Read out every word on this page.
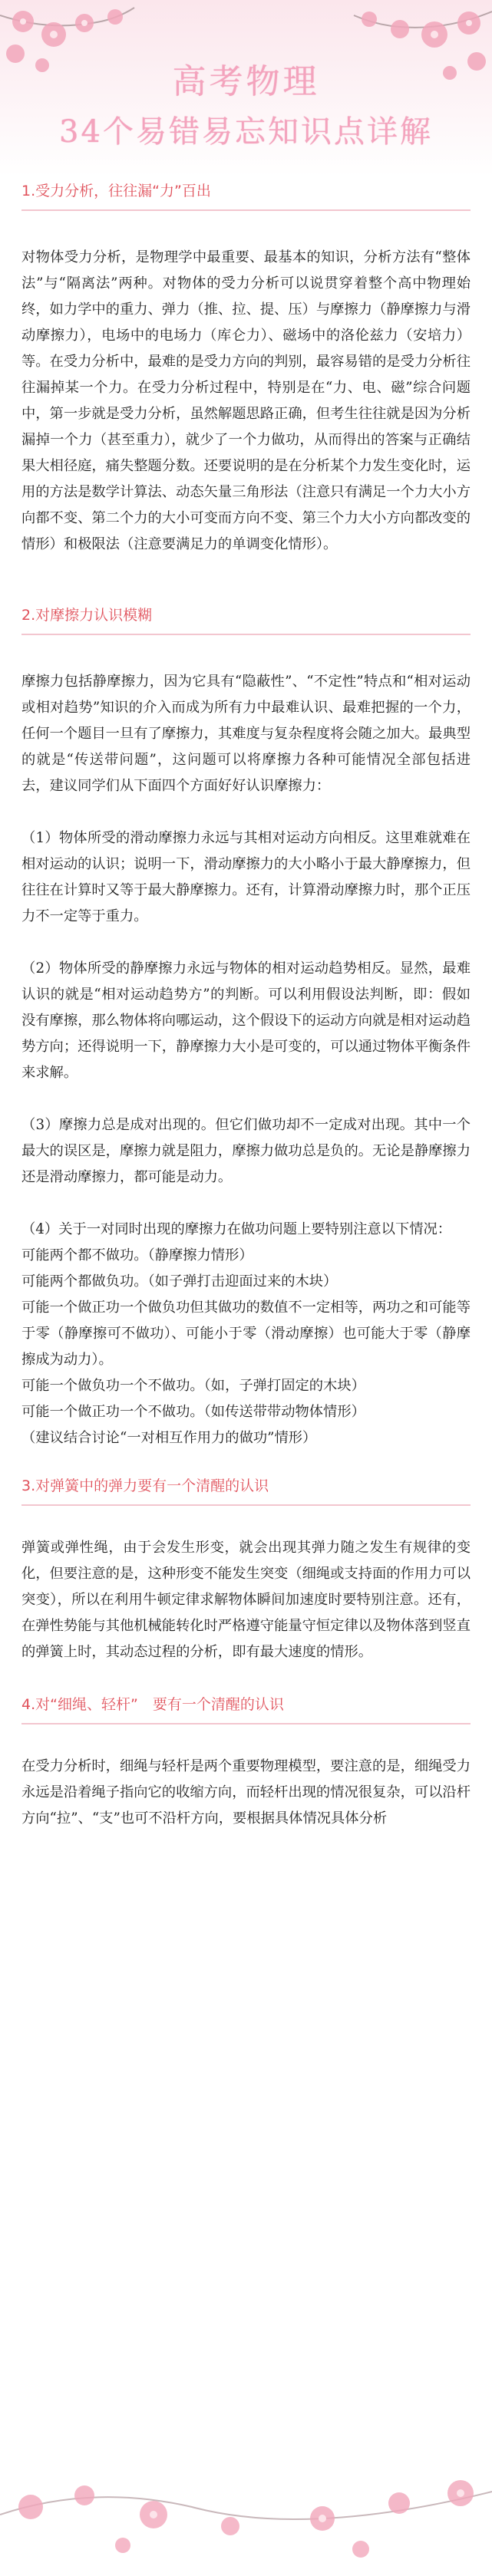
高考物理
34个易错易忘知识点详解
1.受力分析，往往漏“力”百出

对物体受力分析，是物理学中最重要、最基本的知识，分析方法有“整体法”与“隔离法”两种。对物体的受力分析可以说贯穿着整个高中物理始终，如力学中的重力、弹力（推、拉、提、压）与摩擦力（静摩擦力与滑动摩擦力），电场中的电场力（库仑力）、磁场中的洛伦兹力（安培力）等。在受力分析中，最难的是受力方向的判别，最容易错的是受力分析往往漏掉某一个力。在受力分析过程中，特别是在“力、电、磁”综合问题中，第一步就是受力分析，虽然解题思路正确，但考生往往就是因为分析漏掉一个力（甚至重力），就少了一个力做功，从而得出的答案与正确结果大相径庭，痛失整题分数。还要说明的是在分析某个力发生变化时，运用的方法是数学计算法、动态矢量三角形法（注意只有满足一个力大小方向都不变、第二个力的大小可变而方向不变、第三个力大小方向都改变的情形）和极限法（注意要满足力的单调变化情形）。

2.对摩擦力认识模糊

摩擦力包括静摩擦力，因为它具有“隐蔽性”、“不定性”特点和“相对运动或相对趋势”知识的介入而成为所有力中最难认识、最难把握的一个力，任何一个题目一旦有了摩擦力，其难度与复杂程度将会随之加大。最典型的就是“传送带问题”，这问题可以将摩擦力各种可能情况全部包括进去，建议同学们从下面四个方面好好认识摩擦力：

（1）物体所受的滑动摩擦力永远与其相对运动方向相反。这里难就难在相对运动的认识；说明一下，滑动摩擦力的大小略小于最大静摩擦力，但往往在计算时又等于最大静摩擦力。还有，计算滑动摩擦力时，那个正压力不一定等于重力。

（2）物体所受的静摩擦力永远与物体的相对运动趋势相反。显然，最难认识的就是“相对运动趋势方”的判断。可以利用假设法判断，即：假如没有摩擦，那么物体将向哪运动，这个假设下的运动方向就是相对运动趋势方向；还得说明一下，静摩擦力大小是可变的，可以通过物体平衡条件来求解。

（3）摩擦力总是成对出现的。但它们做功却不一定成对出现。其中一个最大的误区是，摩擦力就是阻力，摩擦力做功总是负的。无论是静摩擦力还是滑动摩擦力，都可能是动力。

（4）关于一对同时出现的摩擦力在做功问题上要特别注意以下情况：

可能两个都不做功。（静摩擦力情形）

可能两个都做负功。（如子弹打击迎面过来的木块）

可能一个做正功一个做负功但其做功的数值不一定相等，两功之和可能等于零（静摩擦可不做功）、可能小于零（滑动摩擦）也可能大于零（静摩擦成为动力）。

可能一个做负功一个不做功。（如，子弹打固定的木块）

可能一个做正功一个不做功。（如传送带带动物体情形）

（建议结合讨论“一对相互作用力的做功”情形）

3.对弹簧中的弹力要有一个清醒的认识

弹簧或弹性绳，由于会发生形变，就会出现其弹力随之发生有规律的变化，但要注意的是，这种形变不能发生突变（细绳或支持面的作用力可以突变），所以在利用牛顿定律求解物体瞬间加速度时要特别注意。还有，在弹性势能与其他机械能转化时严格遵守能量守恒定律以及物体落到竖直的弹簧上时，其动态过程的分析，即有最大速度的情形。

4.对“细绳、轻杆”　要有一个清醒的认识

在受力分析时，细绳与轻杆是两个重要物理模型，要注意的是，细绳受力永远是沿着绳子指向它的收缩方向，而轻杆出现的情况很复杂，可以沿杆方向“拉”、“支”也可不沿杆方向，要根据具体情况具体分析
